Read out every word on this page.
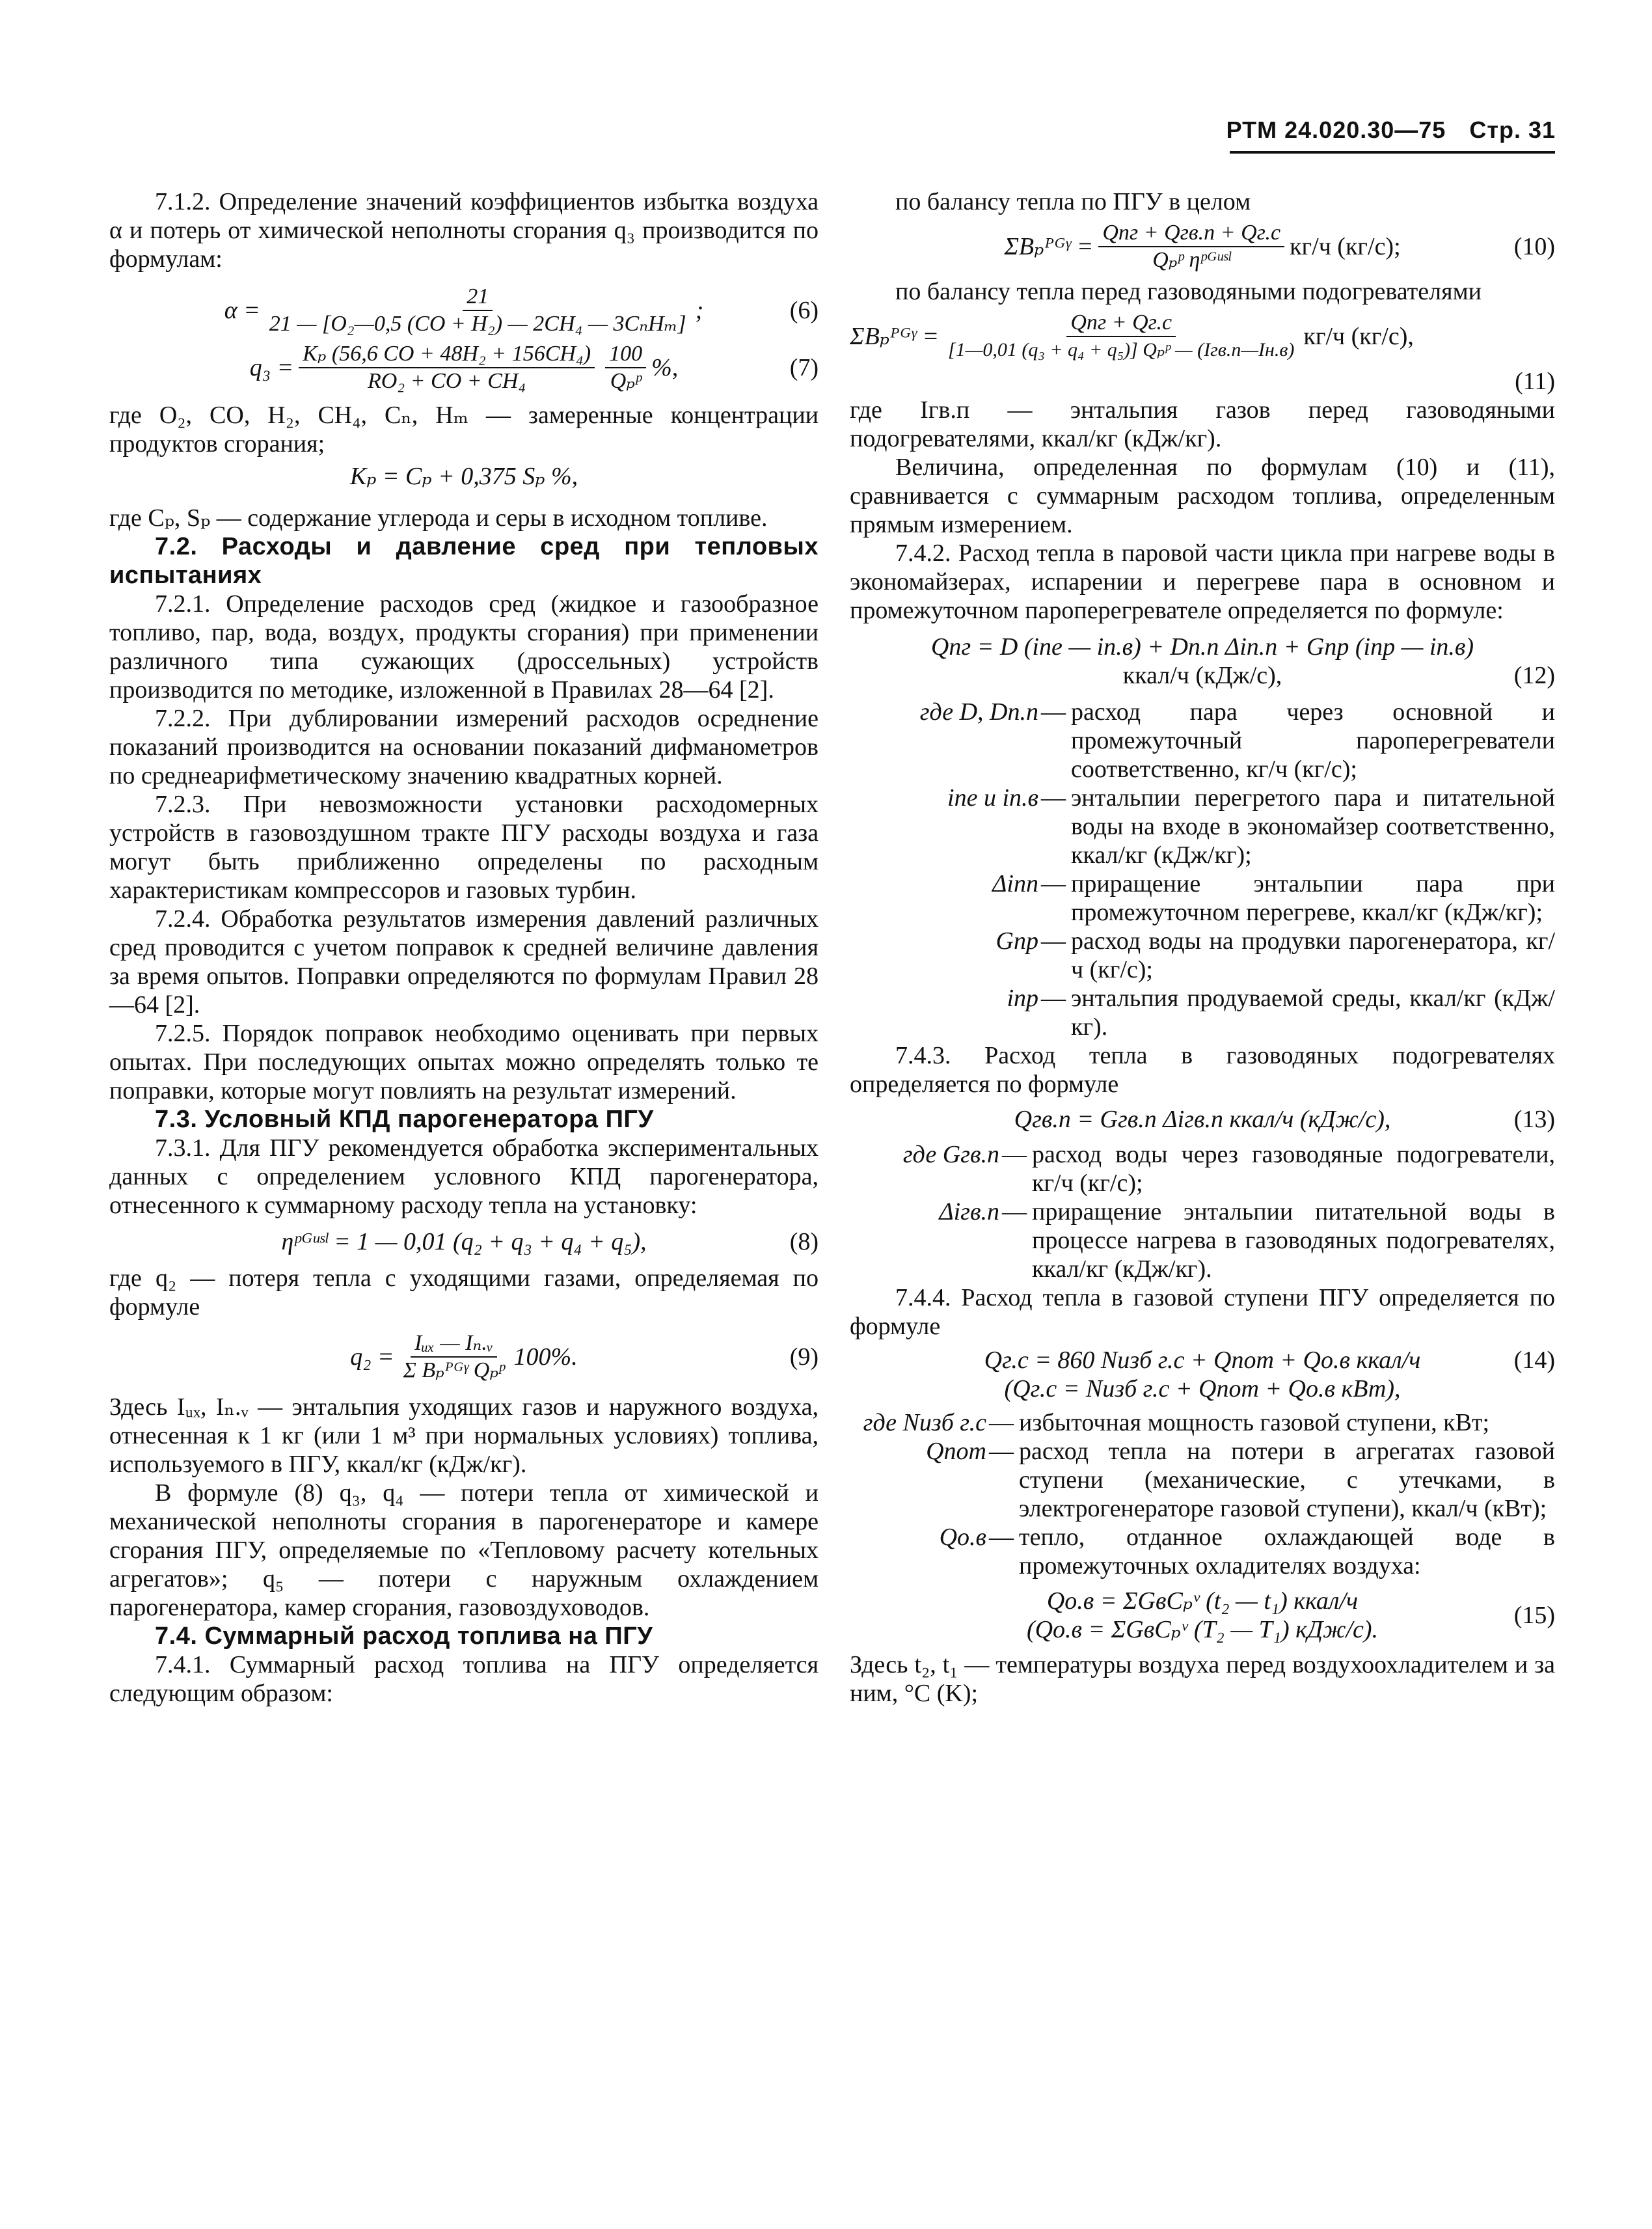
РТМ 24.020.30—75 Стр. 31

7.1.2. Определение значений коэффициентов избытка воздуха α и потерь от химической неполноты сгорания q₃ производится по формулам:

$\alpha = \frac{21}{\text{21 — [O₂—0,5 (CO + H₂) — 2CH₄ — 3CₙHₘ]}}$ ;	(6)
$q_3 = \frac{\text{Kₚ (56,6 CO + 48H₂ + 156CH₄)}}{\text{RO₂ + CO + CH₄}} \frac{100}{\text{Qₚᵖ}}$ %,	(7)

где O₂, CO, H₂, CH₄, Cₙ, Hₘ — замеренные концентрации продуктов сгорания;

Kₚ = Cₚ + 0,375 Sₚ %,

где Cₚ, Sₚ — содержание углерода и серы в исходном топливе.

7.2. Расходы и давление сред при тепловых испытаниях

7.2.1. Определение расходов сред (жидкое и газообразное топливо, пар, вода, воздух, продукты сгорания) при применении различного типа сужающих (дроссельных) устройств производится по методике, изложенной в Правилах 28—64 [2].

7.2.2. При дублировании измерений расходов осреднение показаний производится на основании показаний дифманометров по среднеарифметическому значению квадратных корней.

7.2.3. При невозможности установки расходомерных устройств в газовоздушном тракте ПГУ расходы воздуха и газа могут быть приближенно определены по расходным характеристикам компрессоров и газовых турбин.

7.2.4. Обработка результатов измерения давлений различных сред проводится с учетом поправок к средней величине давления за время опытов. Поправки определяются по формулам Правил 28—64 [2].

7.2.5. Порядок поправок необходимо оценивать при первых опытах. При последующих опытах можно определять только те поправки, которые могут повлиять на результат измерений.

7.3. Условный КПД парогенератора ПГУ

7.3.1. Для ПГУ рекомендуется обработка экспериментальных данных с определением условного КПД парогенератора, отнесенного к суммарному расходу тепла на установку:

ηᵖᴳᵘˢˡ = 1 — 0,01 (q₂ + q₃ + q₄ + q₅),	(8)

где q₂ — потеря тепла с уходящими газами, определяемая по формуле

$q_2 = \frac{\text{Iᵤₓ — Iₙ.ᵥ}}{\text{Σ Bₚᴾᴳᵞ Qₚᵖ}} 100\%$.	(9)

Здесь Iᵤₓ, Iₙ.ᵥ — энтальпия уходящих газов и наружного воздуха, отнесенная к 1 кг (или 1 м³ при нормальных условиях) топлива, используемого в ПГУ, ккал/кг (кДж/кг).

В формуле (8) q₃, q₄ — потери тепла от химической и механической неполноты сгорания в парогенераторе и камере сгорания ПГУ, определяемые по «Тепловому расчету котельных агрегатов»; q₅ — потери с наружным охлаждением парогенератора, камер сгорания, газовоздуховодов.

7.4. Суммарный расход топлива на ПГУ

7.4.1. Суммарный расход топлива на ПГУ определяется следующим образом:

по балансу тепла по ПГУ в целом

ΣBₚᴾᴳᵞ = $\frac{\text{Qпг + Qгв.п + Qг.с}}{\text{Qₚᵖ ηᵖᴳᵘˢˡ}} кг/ч$ (кг/с);	(10)

по балансу тепла перед газоводяными подогревателями

ΣBₚᴾᴳᵞ = $\frac{\text{Qпг + Qг.с}}{\text{[1—0,01 (q₃ + q₄ + q₅)] Qₚᵖ — (Iгв.п—Iн.в)}} кг/ч$ (кг/с),
(11)

где Iгв.п — энтальпия газов перед газоводяными подогревателями, ккал/кг (кДж/кг).

Величина, определенная по формулам (10) и (11), сравнивается с суммарным расходом топлива, определенным прямым измерением.

7.4.2. Расход тепла в паровой части цикла при нагреве воды в экономайзерах, испарении и перегреве пара в основном и промежуточном пароперегревателе определяется по формуле:

Qпг = D (iпе — iп.в) + Dп.п Δiп.п + Gпр (iпр — iп.в)
ккал/ч (кДж/с),	(12)
где D, Dп.п — расход пара через основной и промежуточный пароперегреватели соответственно, кг/ч (кг/с);
iпе и iп.в — энтальпии перегретого пара и питательной воды на входе в экономайзер соответственно, ккал/кг (кДж/кг);
Δiпп — приращение энтальпии пара при промежуточном перегреве, ккал/кг (кДж/кг);
Gпр — расход воды на продувки парогенератора, кг/ч (кг/с);
iпр — энтальпия продуваемой среды, ккал/кг (кДж/кг).

7.4.3. Расход тепла в газоводяных подогревателях определяется по формуле

Qгв.п = Gгв.п Δiгв.п ккал/ч (кДж/с),	(13)
где Gгв.п — расход воды через газоводяные подогреватели, кг/ч (кг/с);
Δiгв.п — приращение энтальпии питательной воды в процессе нагрева в газоводяных подогревателях, ккал/кг (кДж/кг).

7.4.4. Расход тепла в газовой ступени ПГУ определяется по формуле

Qг.с = 860 Nизб г.с + Qпот + Qо.в ккал/ч
(Qг.с = Nизб г.с + Qпот + Qо.в кВт),
(14)
где Nизб г.с — избыточная мощность газовой ступени, кВт;
Qпот — расход тепла на потери в агрегатах газовой ступени (механические, с утечками, в электрогенераторе газовой ступени), ккал/ч (кВт);
Qо.в — тепло, отданное охлаждающей воде в промежуточных охладителях воздуха:
Qо.в = ΣGвCₚᵛ (t₂ — t₁) ккал/ч
(Qо.в = ΣGвCₚᵛ (T₂ — T₁) кДж/с).
(15)

Здесь t₂, t₁ — температуры воздуха перед воздухоохладителем и за ним, °C (K);
